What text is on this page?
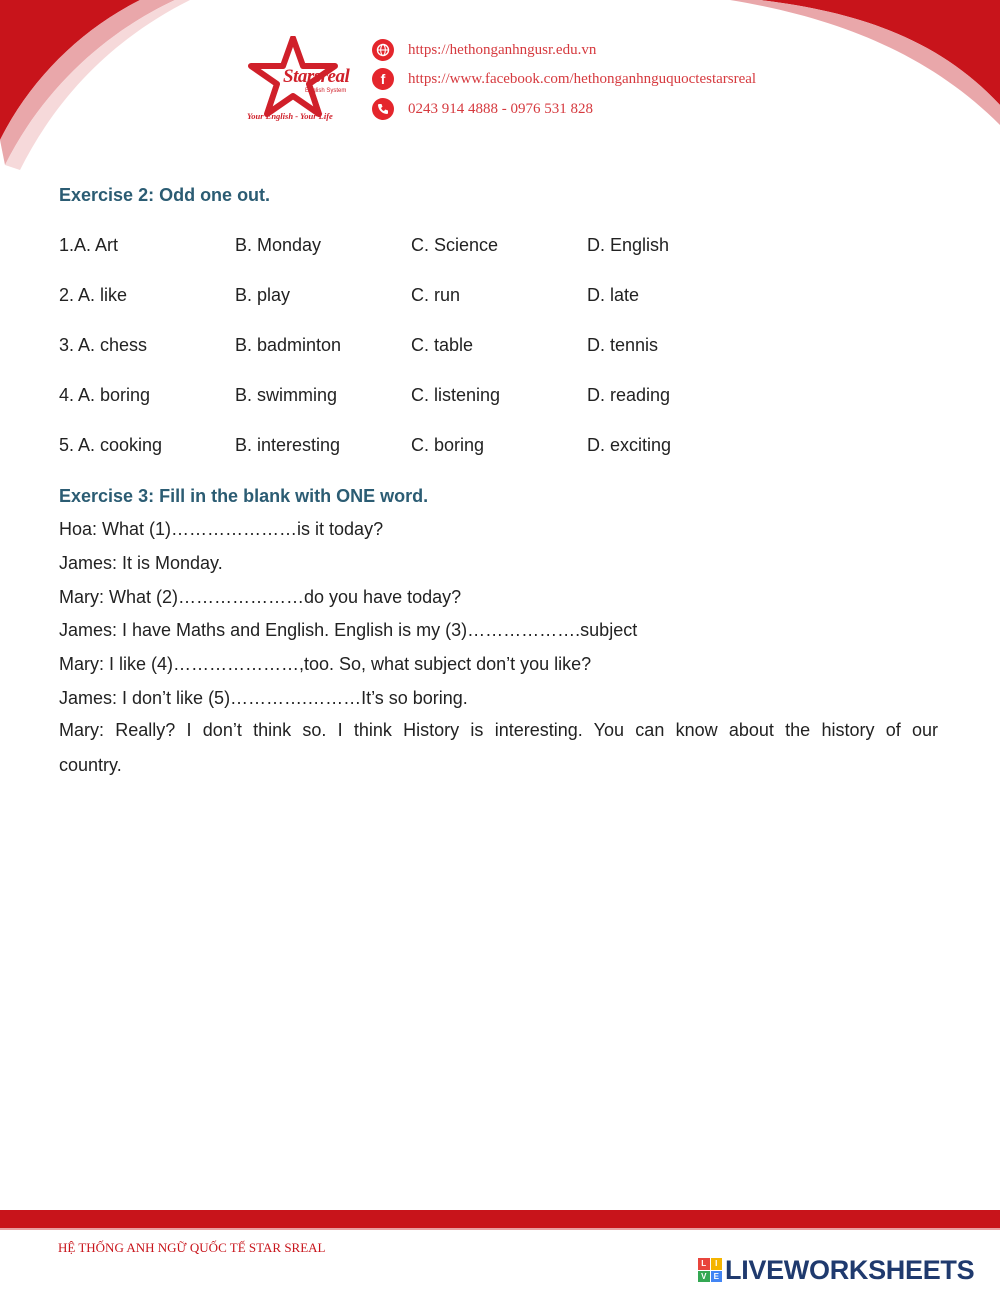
Starsreal
English System
Your English - Your Life
https://hethonganhngusr.edu.vn
f https://www.facebook.com/hethonganhnguquoctestarsreal
0243 914 4888 - 0976 531 828
Exercise 2: Odd one out.
1.A. Art	B. Monday	C. Science	D. English
2. A. like	B. play	C. run	D. late
3. A. chess	B. badminton	C. table	D. tennis
4. A. boring	B. swimming	C. listening	D. reading
5. A. cooking	B. interesting	C. boring	D. exciting
Exercise 3: Fill in the blank with ONE word.
Hoa: What (1)…………………is it today?
James: It is Monday.
Mary: What (2)…………………do you have today?
James: I have Maths and English. English is my (3)……………….subject
Mary: I like (4)…………………,too. So, what subject don’t you like?
James: I don’t like (5)………….………It’s so boring.
Mary: Really? I don’t think so. I think History is interesting. You can know about the history of our
country.
HỆ THỐNG ANH NGỮ QUỐC TẾ STAR SREAL
L	I
V E LIVEWORKSHEETS
